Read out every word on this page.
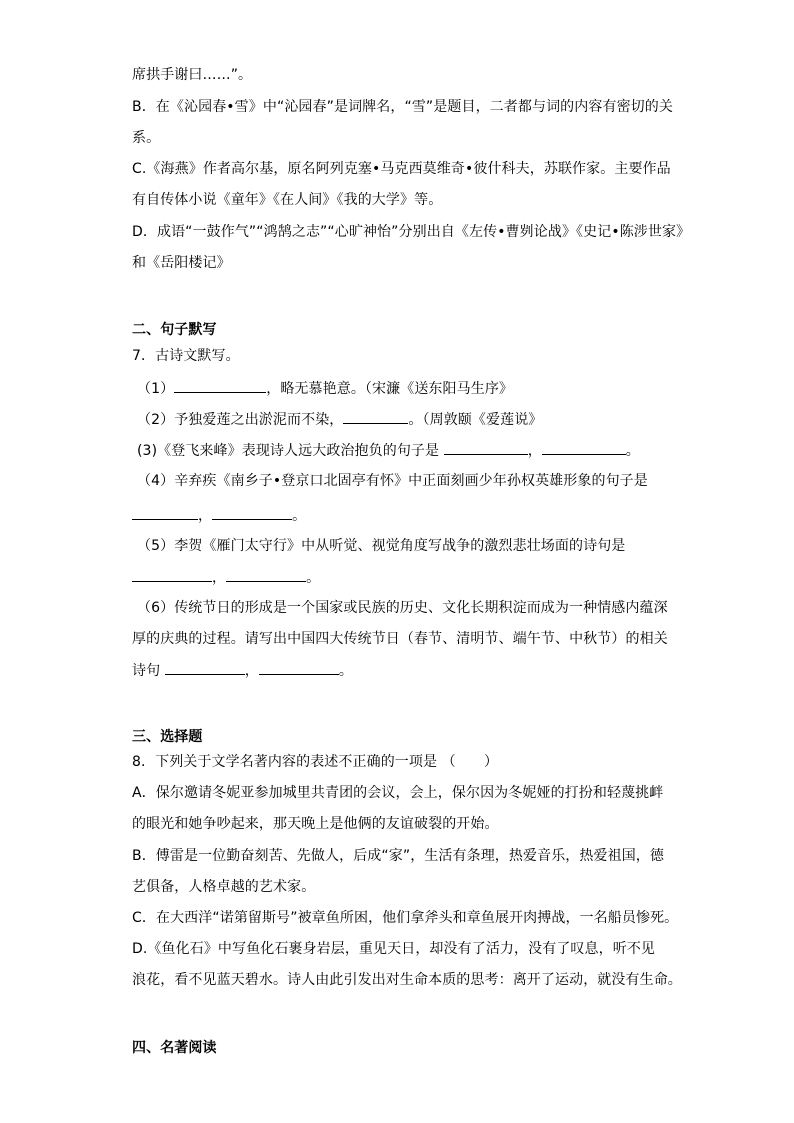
席拱手谢曰……”。
B．在《沁园春•雪》中“沁园春”是词牌名，“雪”是题目，二者都与词的内容有密切的关
系。
C.《海燕》作者高尔基，原名阿列克塞•马克西莫维奇•彼什科夫，苏联作家。主要作品
有自传体小说《童年》《在人间》《我的大学》等。
D．成语“一鼓作气”“鸿鹄之志”“心旷神怡”分别出自《左传•曹刿论战》《史记•陈涉世家》
和《岳阳楼记》
二、句子默写
7．古诗文默写。
（1）	，略无慕艳意。（宋濂《送东阳马生序》
（2）予独爱莲之出淤泥而不染，	。（周敦颐《爱莲说》
(3)《登飞来峰》表现诗人远大政治抱负的句子是	，	。
（4）辛弃疾《南乡子•登京口北固亭有怀》中正面刻画少年孙权英雄形象的句子是
，	。
（5）李贺《雁门太守行》中从听觉、视觉角度写战争的激烈悲壮场面的诗句是
，	。
（6）传统节日的形成是一个国家或民族的历史、文化长期积淀而成为一种情感内蕴深
厚的庆典的过程。请写出中国四大传统节日（春节、清明节、端午节、中秋节）的相关
诗句	，	。
三、选择题
8．下列关于文学名著内容的表述不正确的一项是 （　　）
A．保尔邀请冬妮亚参加城里共青团的会议，会上，保尔因为冬妮娅的打扮和轻蔑挑衅
的眼光和她争吵起来，那天晚上是他俩的友谊破裂的开始。
B．傅雷是一位勤奋刻苦、先做人，后成“家”，生活有条理，热爱音乐，热爱祖国，德
艺俱备，人格卓越的艺术家。
C．在大西洋“诺第留斯号”被章鱼所困，他们拿斧头和章鱼展开肉搏战，一名船员惨死。
D.《鱼化石》中写鱼化石裹身岩层，重见天日，却没有了活力，没有了叹息，听不见
浪花，看不见蓝天碧水。诗人由此引发出对生命本质的思考：离开了运动，就没有生命。
四、名著阅读
